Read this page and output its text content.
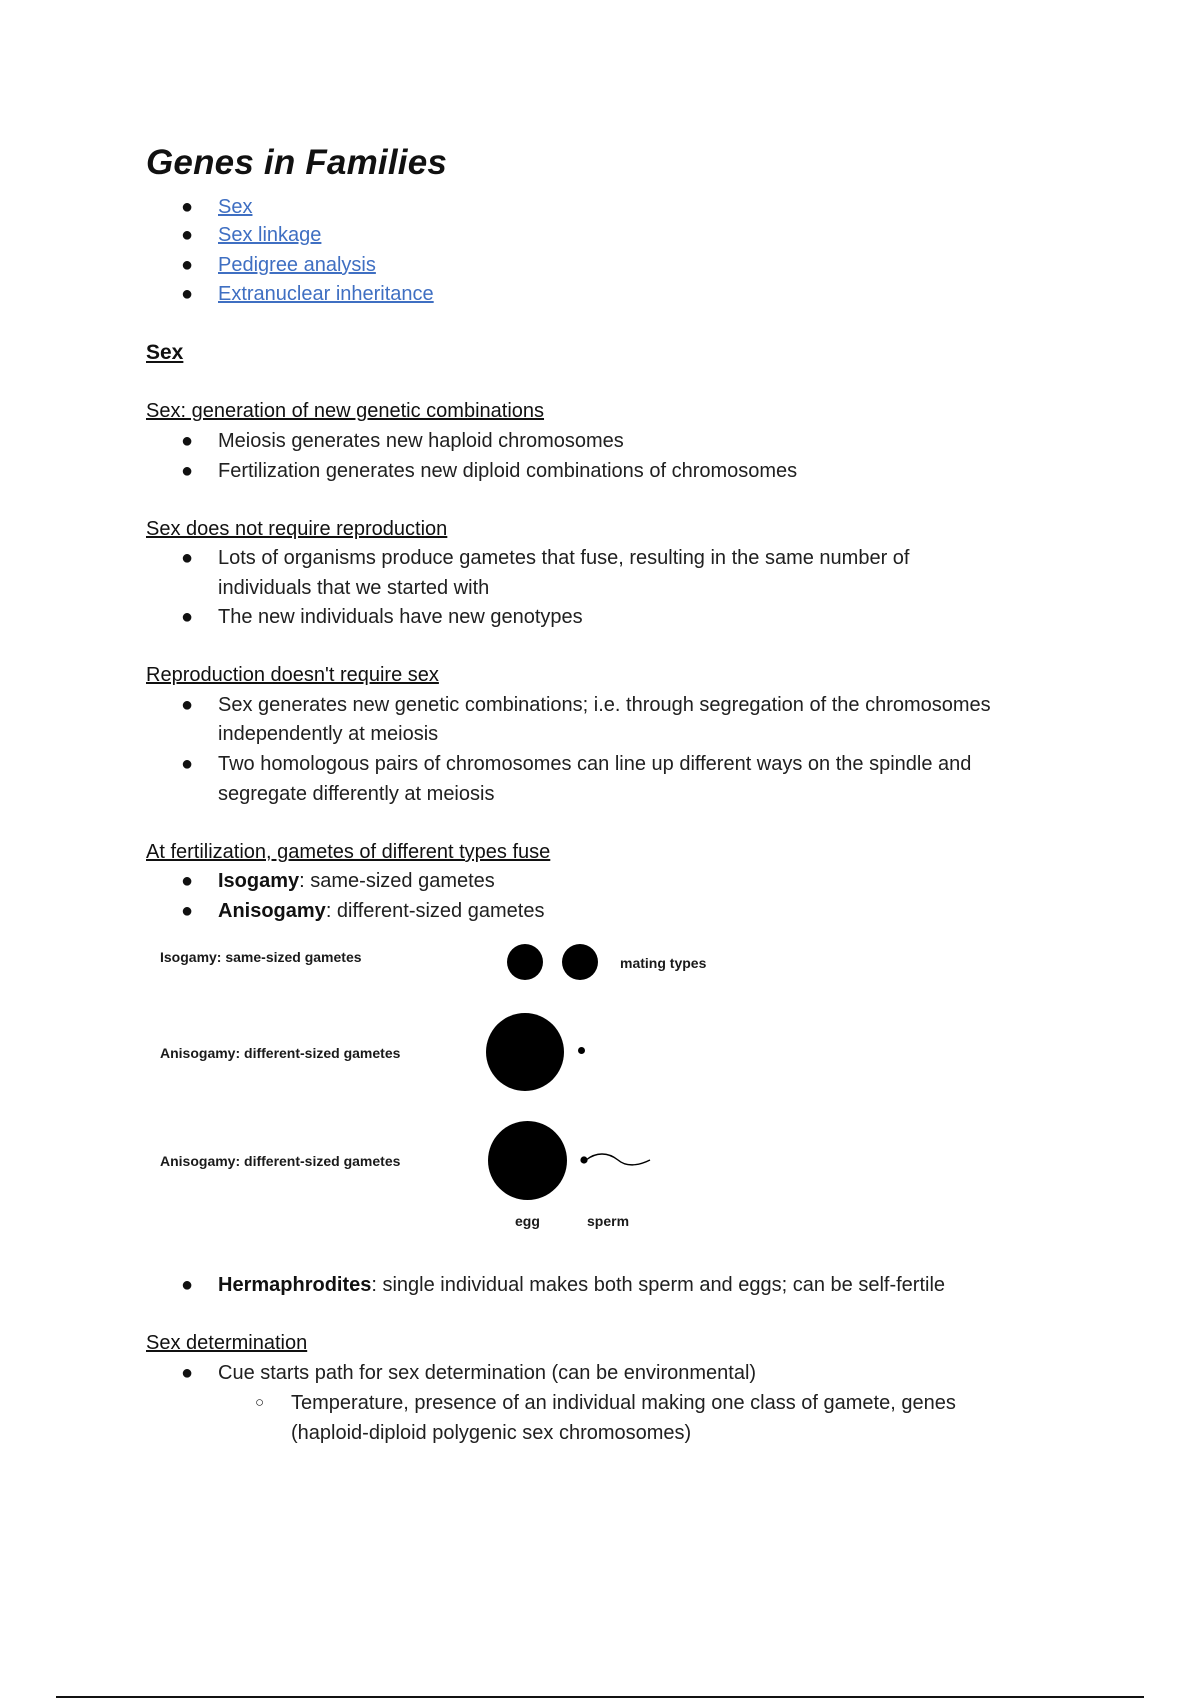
Genes in Families
● Sex
● Sex linkage
● Pedigree analysis
● Extranuclear inheritance
Sex
Sex: generation of new genetic combinations
● Meiosis generates new haploid chromosomes
● Fertilization generates new diploid combinations of chromosomes
Sex does not require reproduction
● Lots of organisms produce gametes that fuse, resulting in the same number of
individuals that we started with
● The new individuals have new genotypes
Reproduction doesn't require sex
● Sex generates new genetic combinations; i.e. through segregation of the chromosomes
independently at meiosis
● Two homologous pairs of chromosomes can line up different ways on the spindle and
segregate differently at meiosis
At fertilization, gametes of different types fuse
● Isogamy: same-sized gametes
● Anisogamy: different-sized gametes
Isogamy: same-sized gametes	mating types
Anisogamy: different-sized gametes
Anisogamy: different-sized gametes
egg	sperm
● Hermaphrodites: single individual makes both sperm and eggs; can be self-fertile
Sex determination
● Cue starts path for sex determination (can be environmental)
○ Temperature, presence of an individual making one class of gamete, genes
(haploid-diploid polygenic sex chromosomes)
